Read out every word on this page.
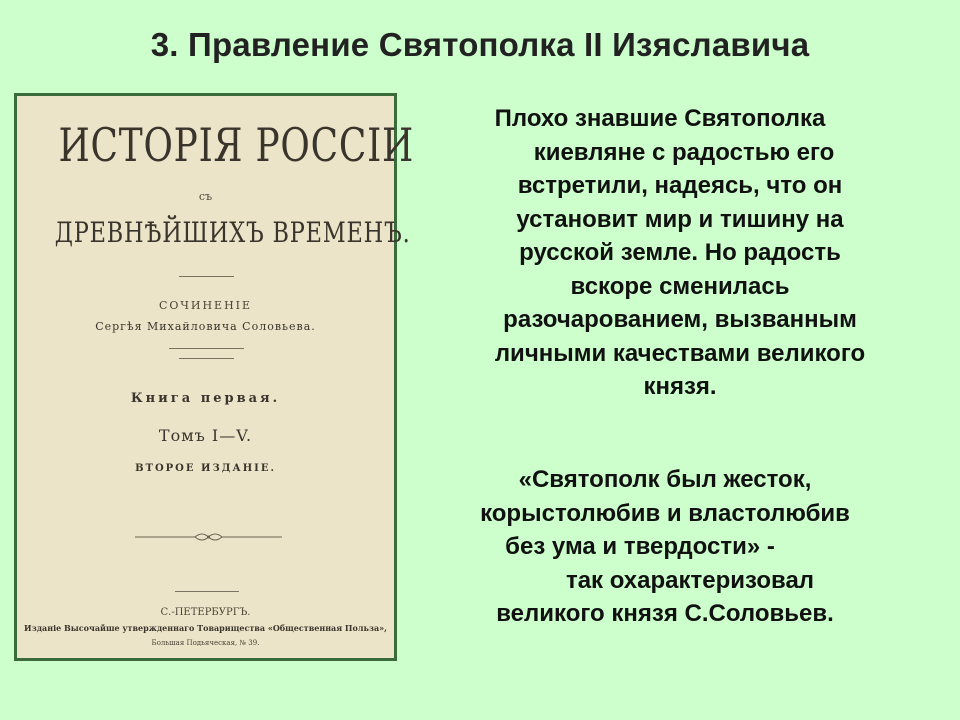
3. Правление Святополка II Изяславича
ИСТОРІЯ РОССІИ
съ
ДРЕВНѢЙШИХЪ ВРЕМЕНЪ.
СОЧИНЕНІЕ
Сергѣя Михайловича Соловьева.
Книга первая.
Томъ I—V.
ВТОРОЕ ИЗДАНІЕ.
С.-ПЕТЕРБУРГЪ.
Изданіе Высочайше утвержденнаго Товарищества «Общественная Польза»,
Большая Подьяческая, № 39.
Плохо знавшие Святополка
киевляне с радостью его
встретили, надеясь, что он
установит мир и тишину на
русской земле. Но радость
вскоре сменилась
разочарованием, вызванным
личными качествами великого
князя.
«Святополк был жесток,
корыстолюбив и властолюбив
без ума и твердости» -
так охарактеризовал
великого князя С.Соловьев.
